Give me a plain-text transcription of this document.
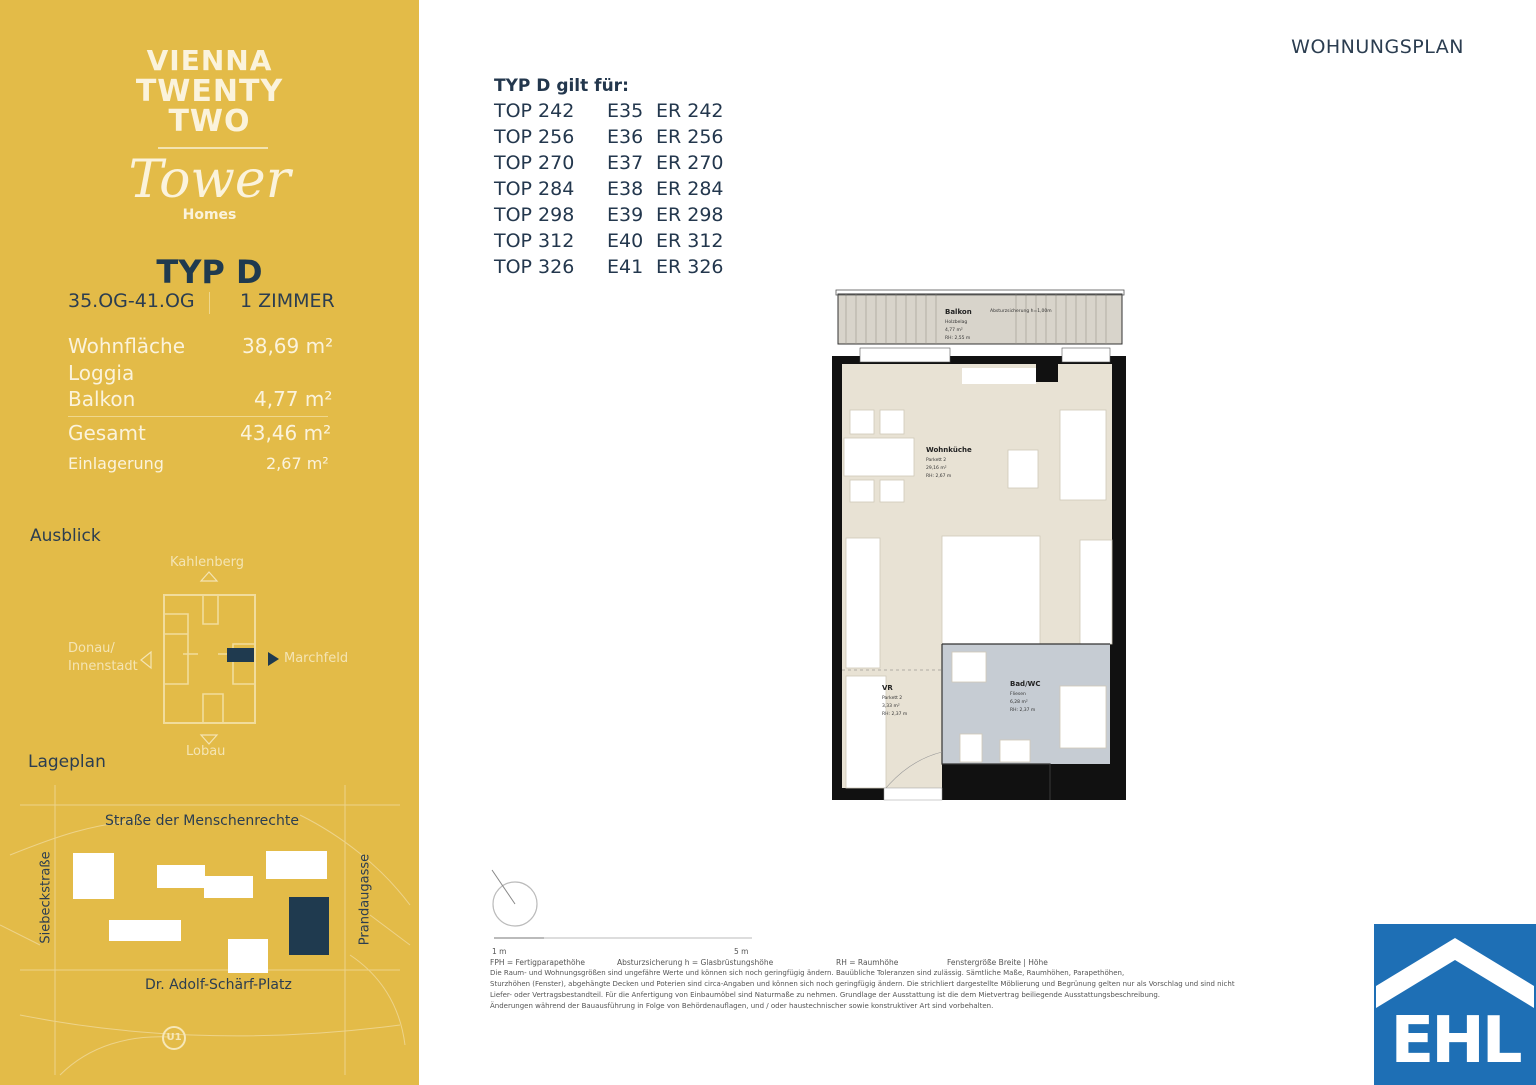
VIENNA
TWENTY
TWO
Tower
Homes
TYP D
35.OG-41.OG 1 ZIMMER
Wohnfläche	38,69 m²
Loggia
Balkon	4,77 m²
Gesamt	43,46 m²
Einlagerung	2,67 m²
Ausblick
Kahlenberg
Donau/ Innenstadt
Marchfeld
Lobau
Lageplan
Straße der Menschenrechte
Siebeckstraße	Prandaugasse
Dr. Adolf-Schärf-Platz
U1
WOHNUNGSPLAN
TYP D gilt für:
TOP 242	E35	ER 242
TOP 256	E36	ER 256
TOP 270	E37	ER 270
TOP 284	E38	ER 284
TOP 298	E39	ER 298
TOP 312	E40	ER 312
TOP 326	E41	ER 326
Balkon	Absturzsicherung h=1,00m
Holzbelag
4,77 m²
RH: 2,55 m
Wohnküche
Parkett 2
29,16 m²
RH: 2,67 m
VR
Parkett 2
3,33 m²
RH: 2,37 m
Bad/WC
Fliesen
6,28 m²
RH: 2,37 m
1 m	5 m
FPH = Fertigparapethöhe	Absturzsicherung h = Glasbrüstungshöhe	RH = Raumhöhe	Fenstergröße Breite | Höhe
Die Raum- und Wohnungsgrößen sind ungefähre Werte und können sich noch geringfügig ändern. Bauübliche Toleranzen sind zulässig. Sämtliche Maße, Raumhöhen, Parapethöhen,
Sturzhöhen (Fenster), abgehängte Decken und Poterien sind circa-Angaben und können sich noch geringfügig ändern. Die strichliert dargestellte Möblierung und Begrünung gelten nur als Vorschlag und sind nicht
Liefer- oder Vertragsbestandteil. Für die Anfertigung von Einbaumöbel sind Naturmaße zu nehmen. Grundlage der Ausstattung ist die dem Mietvertrag beiliegende Ausstattungsbeschreibung.
Änderungen während der Bauausführung in Folge von Behördenauflagen, und / oder haustechnischer sowie konstruktiver Art sind vorbehalten.	EHL
